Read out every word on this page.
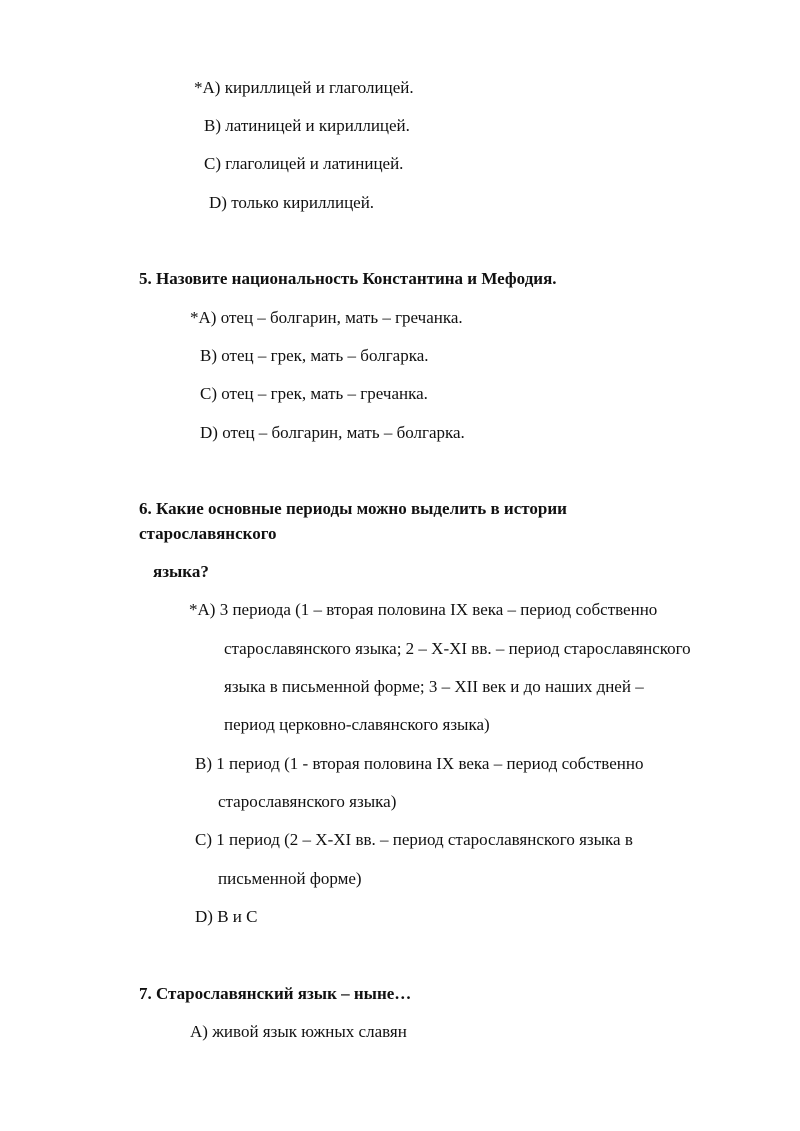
*A) кириллицей и глаголицей.
B) латиницей и кириллицей.
C) глаголицей и латиницей.
D) только кириллицей.
5. Назовите национальность Константина и Мефодия.
*A) отец – болгарин, мать – гречанка.
B) отец – грек, мать – болгарка.
C) отец – грек, мать – гречанка.
D) отец – болгарин, мать – болгарка.
6. Какие основные периоды можно выделить в истории
старославянского
языка?
*A) 3 периода (1 – вторая половина IX века – период собственно
старославянского языка; 2 – X-XI вв. – период старославянского
языка в письменной форме; 3 – XII век и до наших дней –
период церковно-славянского языка)
B) 1 период (1 - вторая половина IX века – период собственно
старославянского языка)
C) 1 период (2 – X-XI вв. – период старославянского языка в
письменной форме)
D) B и C
7. Старославянский язык – ныне…
A) живой язык южных славян
